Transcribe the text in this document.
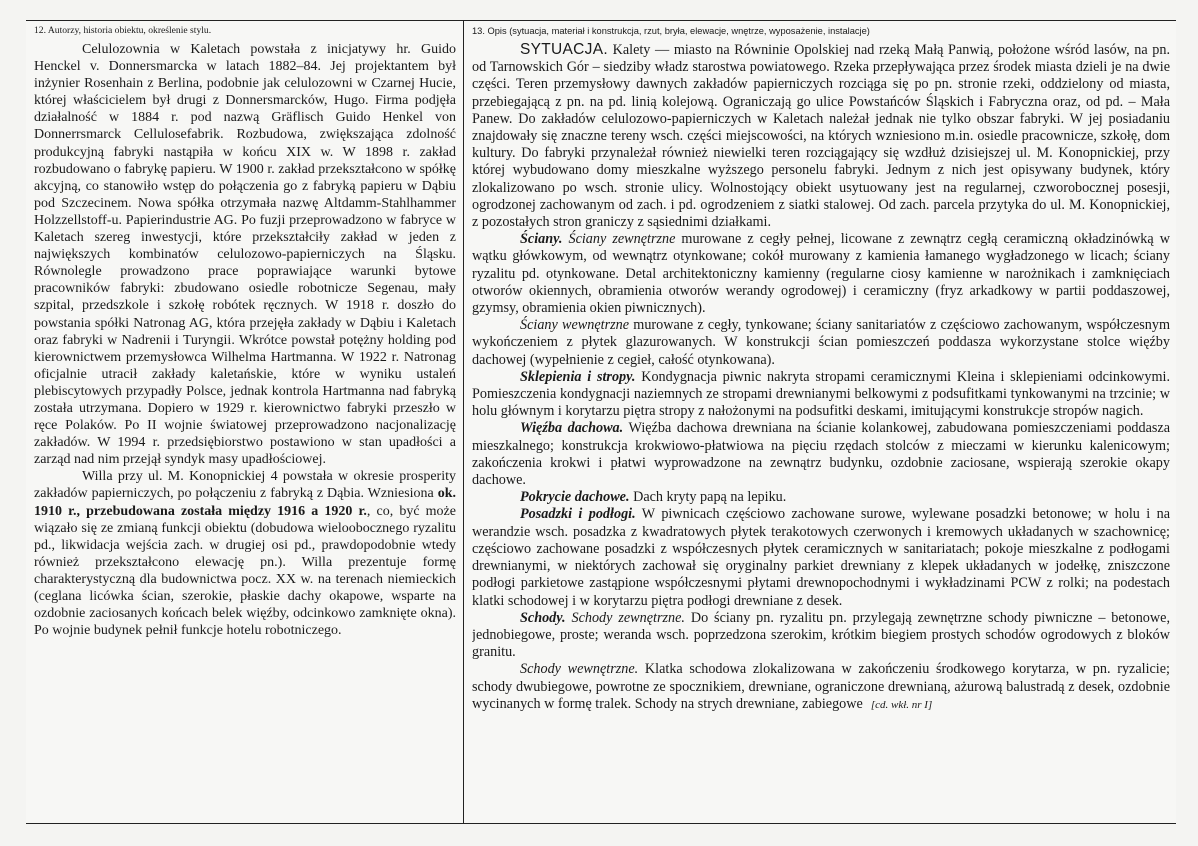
12. Autorzy, historia obiektu, określenie stylu.

Celulozownia w Kaletach powstała z inicjatywy hr. Guido Henckel v. Donnersmarcka w latach 1882–84. Jej projektantem był inżynier Rosenhain z Berlina, podobnie jak celulozowni w Czarnej Hucie, której właścicielem był drugi z Donnersmarcków, Hugo. Firma podjęła działalność w 1884 r. pod nazwą Gräflisch Guido Henkel von Donnerrsmarck Cellulosefabrik. Rozbudowa, zwiększająca zdolność produkcyjną fabryki nastąpiła w końcu XIX w. W 1898 r. zakład rozbudowano o fabrykę papieru. W 1900 r. zakład przekształcono w spółkę akcyjną, co stanowiło wstęp do połączenia go z fabryką papieru w Dąbiu pod Szczecinem. Nowa spółka otrzymała nazwę Altdamm-Stahlhammer Holzzellstoff-u. Papierindustrie AG. Po fuzji przeprowadzono w fabryce w Kaletach szereg inwestycji, które przekształciły zakład w jeden z największych kombinatów celulozowo-papierniczych na Śląsku. Równolegle prowadzono prace poprawiające warunki bytowe pracowników fabryki: zbudowano osiedle robotnicze Segenau, mały szpital, przedszkole i szkołę robótek ręcznych. W 1918 r. doszło do powstania spółki Natronag AG, która przejęła zakłady w Dąbiu i Kaletach oraz fabryki w Nadrenii i Turyngii. Wkrótce powstał potężny holding pod kierownictwem przemysłowca Wilhelma Hartmanna. W 1922 r. Natronag oficjalnie utracił zakłady kaletańskie, które w wyniku ustaleń plebiscytowych przypadły Polsce, jednak kontrola Hartmanna nad fabryką została utrzymana. Dopiero w 1929 r. kierownictwo fabryki przeszło w ręce Polaków. Po II wojnie światowej przeprowadzono nacjonalizację zakładów. W 1994 r. przedsiębiorstwo postawiono w stan upadłości a zarząd nad nim przejął syndyk masy upadłościowej.

Willa przy ul. M. Konopnickiej 4 powstała w okresie prosperity zakładów papierniczych, po połączeniu z fabryką z Dąbia. Wzniesiona ok. 1910 r., przebudowana została między 1916 a 1920 r., co, być może wiązało się ze zmianą funkcji obiektu (dobudowa wieloobocznego ryzalitu pd., likwidacja wejścia zach. w drugiej osi pd., prawdopodobnie wtedy również przekształcono elewację pn.). Willa prezentuje formę charakterystyczną dla budownictwa pocz. XX w. na terenach niemieckich (ceglana licówka ścian, szerokie, płaskie dachy okapowe, wsparte na ozdobnie zaciosanych końcach belek więźby, odcinkowo zamknięte okna). Po wojnie budynek pełnił funkcje hotelu robotniczego.

13. Opis (sytuacja, materiał i konstrukcja, rzut, bryła, elewacje, wnętrze, wyposażenie, instalacje)

SYTUACJA. Kalety — miasto na Równinie Opolskiej nad rzeką Małą Panwią, położone wśród lasów, na pn. od Tarnowskich Gór – siedziby władz starostwa powiatowego. Rzeka przepływająca przez środek miasta dzieli je na dwie części. Teren przemysłowy dawnych zakładów papierniczych rozciąga się po pn. stronie rzeki, oddzielony od miasta, przebiegającą z pn. na pd. linią kolejową. Ograniczają go ulice Powstańców Śląskich i Fabryczna oraz, od pd. – Mała Panew. Do zakładów celulozowo-papierniczych w Kaletach należał jednak nie tylko obszar fabryki. W jej posiadaniu znajdowały się znaczne tereny wsch. części miejscowości, na których wzniesiono m.in. osiedle pracownicze, szkołę, dom kultury. Do fabryki przynależał również niewielki teren rozciągający się wzdłuż dzisiejszej ul. M. Konopnickiej, przy której wybudowano domy mieszkalne wyższego personelu fabryki. Jednym z nich jest opisywany budynek, który zlokalizowano po wsch. stronie ulicy. Wolnostojący obiekt usytuowany jest na regularnej, czworobocznej posesji, ogrodzonej zachowanym od zach. i pd. ogrodzeniem z siatki stalowej. Od zach. parcela przytyka do ul. M. Konopnickiej, z pozostałych stron graniczy z sąsiednimi działkami.

Ściany. Ściany zewnętrzne murowane z cegły pełnej, licowane z zewnątrz cegłą ceramiczną okładzinówką w wątku główkowym, od wewnątrz otynkowane; cokół murowany z kamienia łamanego wygładzonego w licach; ściany ryzalitu pd. otynkowane. Detal architektoniczny kamienny (regularne ciosy kamienne w narożnikach i zamknięciach otworów okiennych, obramienia otworów werandy ogrodowej) i ceramiczny (fryz arkadkowy w partii poddaszowej, gzymsy, obramienia okien piwnicznych).

Ściany wewnętrzne murowane z cegły, tynkowane; ściany sanitariatów z częściowo zachowanym, współczesnym wykończeniem z płytek glazurowanych. W konstrukcji ścian pomieszczeń poddasza wykorzystane stolce więźby dachowej (wypełnienie z cegieł, całość otynkowana).

Sklepienia i stropy. Kondygnacja piwnic nakryta stropami ceramicznymi Kleina i sklepieniami odcinkowymi. Pomieszczenia kondygnacji naziemnych ze stropami drewnianymi belkowymi z podsufitkami tynkowanymi na trzcinie; w holu głównym i korytarzu piętra stropy z nałożonymi na podsufitki deskami, imitującymi konstrukcje stropów nagich.

Więźba dachowa. Więźba dachowa drewniana na ścianie kolankowej, zabudowana pomieszczeniami poddasza mieszkalnego; konstrukcja krokwiowo-płatwiowa na pięciu rzędach stolców z mieczami w kierunku kalenicowym; zakończenia krokwi i płatwi wyprowadzone na zewnątrz budynku, ozdobnie zaciosane, wspierają szerokie okapy dachowe.

Pokrycie dachowe. Dach kryty papą na lepiku.

Posadzki i podłogi. W piwnicach częściowo zachowane surowe, wylewane posadzki betonowe; w holu i na werandzie wsch. posadzka z kwadratowych płytek terakotowych czerwonych i kremowych układanych w szachownicę; częściowo zachowane posadzki z współczesnych płytek ceramicznych w sanitariatach; pokoje mieszkalne z podłogami drewnianymi, w niektórych zachował się oryginalny parkiet drewniany z klepek układanych w jodełkę, zniszczone podłogi parkietowe zastąpione współczesnymi płytami drewnopochodnymi i wykładzinami PCW z rolki; na podestach klatki schodowej i w korytarzu piętra podłogi drewniane z desek.

Schody. Schody zewnętrzne. Do ściany pn. ryzalitu pn. przylegają zewnętrzne schody piwniczne – betonowe, jednobiegowe, proste; weranda wsch. poprzedzona szerokim, krótkim biegiem prostych schodów ogrodowych z bloków granitu.

Schody wewnętrzne. Klatka schodowa zlokalizowana w zakończeniu środkowego korytarza, w pn. ryzalicie; schody dwubiegowe, powrotne ze spocznikiem, drewniane, ograniczone drewnianą, ażurową balustradą z desek, ozdobnie wycinanych w formę tralek. Schody na strych drewniane, zabiegowe [cd. wkł. nr I]
